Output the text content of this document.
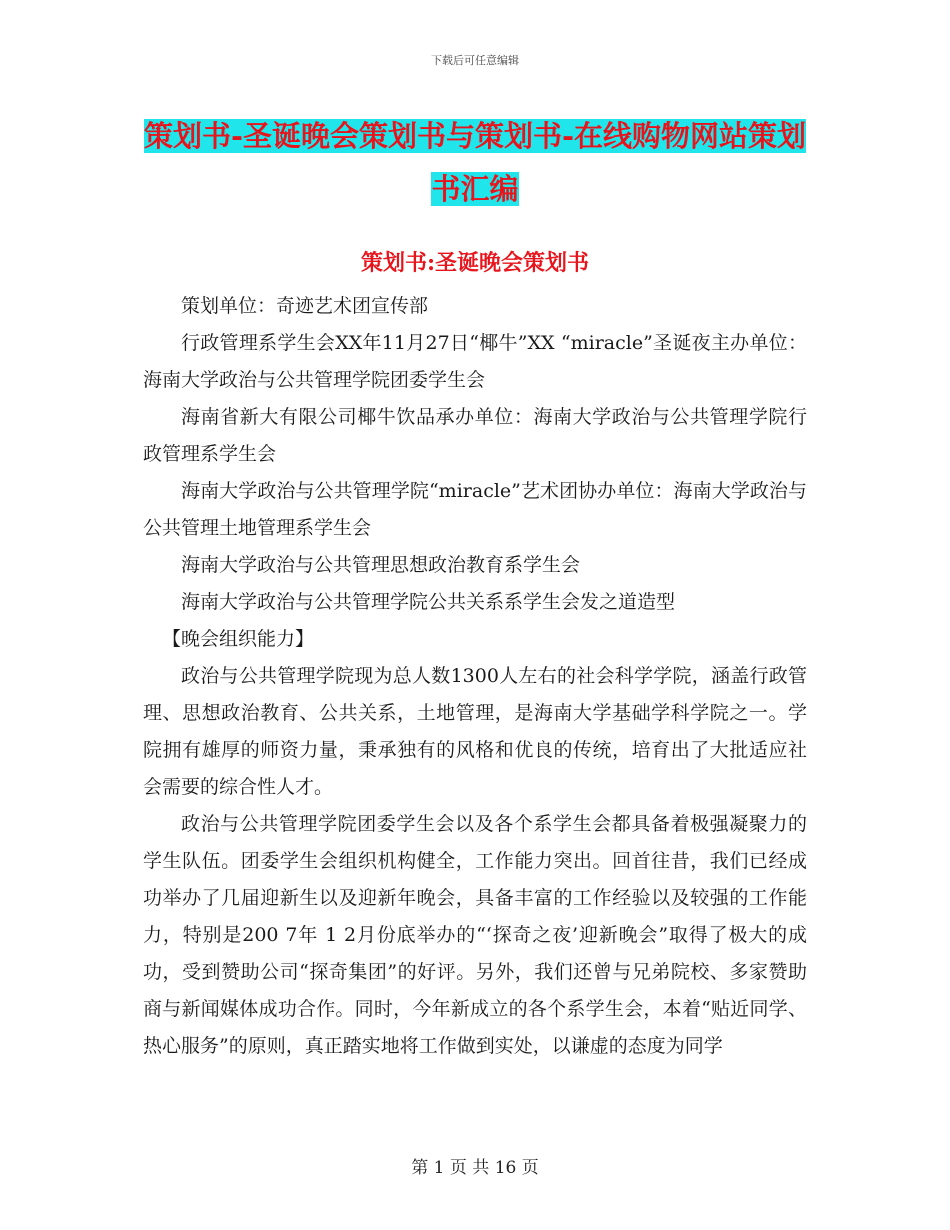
下载后可任意编辑
策划书-圣诞晚会策划书与策划书-在线购物网站策划书汇编
策划书:圣诞晚会策划书

策划单位：奇迹艺术团宣传部

行政管理系学生会XX年11月27日“椰牛”XX “miracle”圣诞夜主办单位：海南大学政治与公共管理学院团委学生会

海南省新大有限公司椰牛饮品承办单位：海南大学政治与公共管理学院行政管理系学生会

海南大学政治与公共管理学院“miracle”艺术团协办单位：海南大学政治与公共管理土地管理系学生会

海南大学政治与公共管理思想政治教育系学生会

海南大学政治与公共管理学院公共关系系学生会发之道造型

【晚会组织能力】

政治与公共管理学院现为总人数1300人左右的社会科学学院，涵盖行政管理、思想政治教育、公共关系，土地管理，是海南大学基础学科学院之一。学院拥有雄厚的师资力量，秉承独有的风格和优良的传统，培育出了大批适应社会需要的综合性人才。

政治与公共管理学院团委学生会以及各个系学生会都具备着极强凝聚力的学生队伍。团委学生会组织机构健全，工作能力突出。回首往昔，我们已经成功举办了几届迎新生以及迎新年晚会，具备丰富的工作经验以及较强的工作能力，特别是200 7年 1 2月份底举办的“‘探奇之夜’迎新晚会”取得了极大的成功，受到赞助公司“探奇集团”的好评。另外，我们还曾与兄弟院校、多家赞助商与新闻媒体成功合作。同时，今年新成立的各个系学生会，本着“贴近同学、热心服务”的原则，真正踏实地将工作做到实处，以谦虚的态度为同学

第 1 页 共 16 页
